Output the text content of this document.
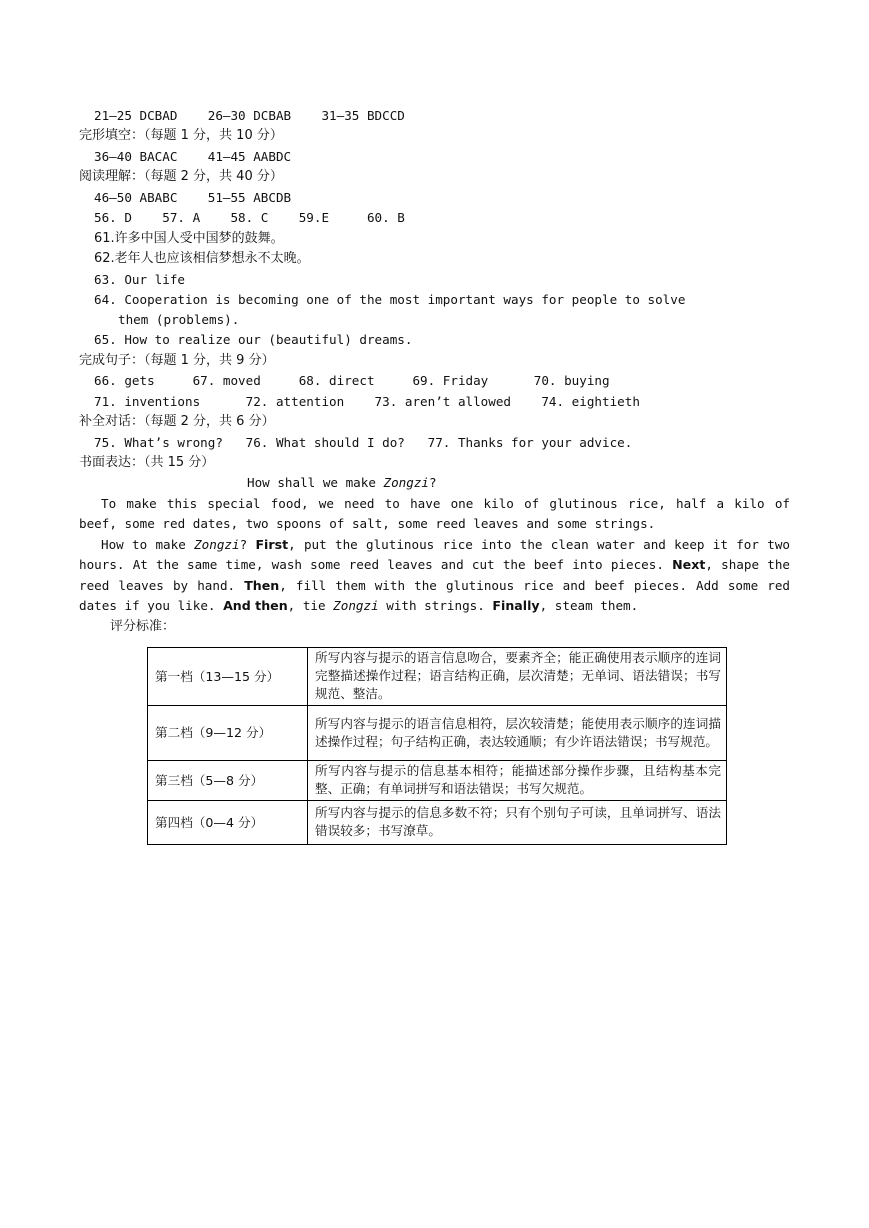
21—25 DCBAD    26—30 DCBAB    31—35 BDCCD
完形填空：（每题 1 分，共 10 分）
36—40 BACAC    41—45 AABDC
阅读理解：（每题 2 分，共 40 分）
46—50 ABABC    51—55 ABCDB
56. D    57. A    58. C    59.E     60. B
61.许多中国人受中国梦的鼓舞。
62.老年人也应该相信梦想永不太晚。
63. Our life
64. Cooperation is becoming one of the most important ways for people to solve
them (problems).
65. How to realize our (beautiful) dreams.
完成句子：（每题 1 分，共 9 分）
66. gets     67. moved     68. direct     69. Friday      70. buying
71. inventions      72. attention    73. aren’t allowed    74. eightieth
补全对话：（每题 2 分，共 6 分）
75. What’s wrong?   76. What should I do?   77. Thanks for your advice.
书面表达：（共 15 分）
How shall we make Zongzi?
To make this special food, we need to have one kilo of glutinous rice, half a kilo of beef, some red dates, two spoons of salt, some reed leaves and some strings.
How to make Zongzi? First, put the glutinous rice into the clean water and keep it for two hours. At the same time, wash some reed leaves and cut the beef into pieces. Next, shape the reed leaves by hand. Then, fill them with the glutinous rice and beef pieces. Add some red dates if you like. And then, tie Zongzi with strings. Finally, steam them.
评分标准：
第一档（13—15 分）	所写内容与提示的语言信息吻合，要素齐全；能正确使用表示顺序的连词完整描述操作过程；语言结构正确，层次清楚；无单词、语法错误；书写规范、整洁。
第二档（9—12 分）	所写内容与提示的语言信息相符，层次较清楚；能使用表示顺序的连词描述操作过程；句子结构正确，表达较通顺；有少许语法错误；书写规范。
第三档（5—8 分）	所写内容与提示的信息基本相符；能描述部分操作步骤，且结构基本完整、正确；有单词拼写和语法错误；书写欠规范。
第四档（0—4 分）	所写内容与提示的信息多数不符；只有个别句子可读，且单词拼写、语法错误较多；书写潦草。
